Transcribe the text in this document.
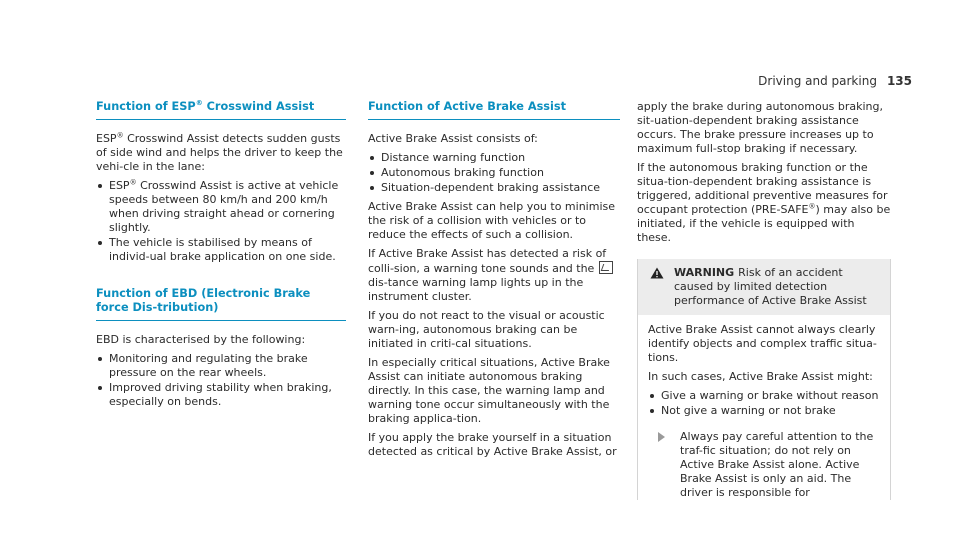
Driving and parking 135
Function of ESP® Crosswind Assist

ESP® Crosswind Assist detects sudden gusts of side wind and helps the driver to keep the vehi-cle in the lane:

ESP® Crosswind Assist is active at vehicle speeds between 80 km/h and 200 km/h when driving straight ahead or cornering slightly.
The vehicle is stabilised by means of individ-ual brake application on one side.
Function of EBD (Electronic Brake force Dis-tribution)

EBD is characterised by the following:

Monitoring and regulating the brake pressure on the rear wheels.
Improved driving stability when braking, especially on bends.
Function of Active Brake Assist

Active Brake Assist consists of:

Distance warning function
Autonomous braking function
Situation-dependent braking assistance

Active Brake Assist can help you to minimise the risk of a collision with vehicles or to reduce the effects of such a collision.

If Active Brake Assist has detected a risk of colli-sion, a warning tone sounds and the  dis-tance warning lamp lights up in the instrument cluster.

If you do not react to the visual or acoustic warn-ing, autonomous braking can be initiated in criti-cal situations.

In especially critical situations, Active Brake Assist can initiate autonomous braking directly. In this case, the warning lamp and warning tone occur simultaneously with the braking applica-tion.

If you apply the brake yourself in a situation detected as critical by Active Brake Assist, or

apply the brake during autonomous braking, sit-uation-dependent braking assistance occurs. The brake pressure increases up to maximum full-stop braking if necessary.

If the autonomous braking function or the situa-tion-dependent braking assistance is triggered, additional preventive measures for occupant protection (PRE-SAFE®) may also be initiated, if the vehicle is equipped with these.

WARNING Risk of an accident caused by limited detection performance of Active Brake Assist

Active Brake Assist cannot always clearly identify objects and complex traffic situa-tions.

In such cases, Active Brake Assist might:

Give a warning or brake without reason
Not give a warning or not brake
Always pay careful attention to the traf-fic situation; do not rely on Active Brake Assist alone. Active Brake Assist is only an aid. The driver is responsible for
